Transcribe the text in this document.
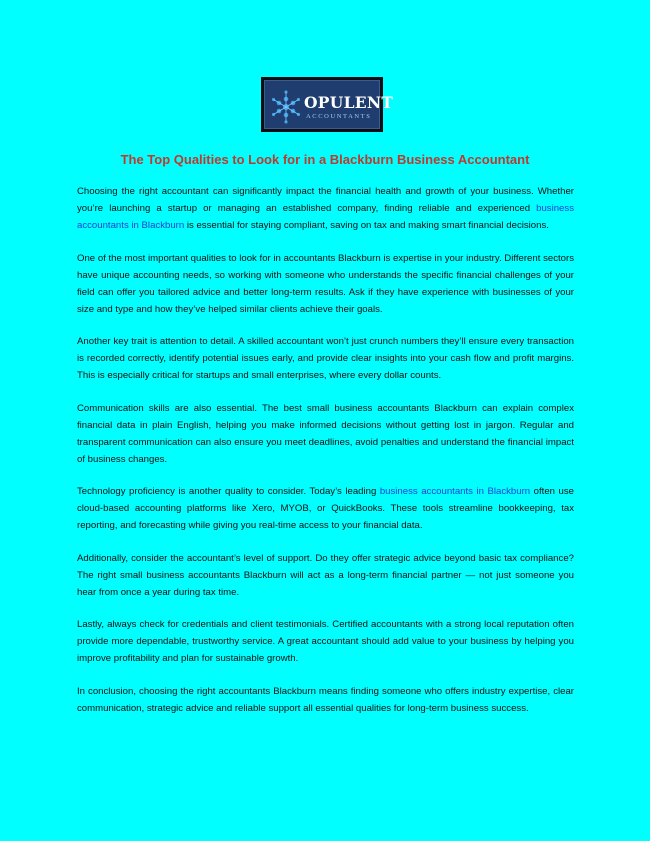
OPULENT
ACCOUNTANTS
The Top Qualities to Look for in a Blackburn Business Accountant

Choosing the right accountant can significantly impact the financial health and growth of your business. Whether you’re launching a startup or managing an established company, finding reliable and experienced business accountants in Blackburn is essential for staying compliant, saving on tax and making smart financial decisions.

One of the most important qualities to look for in accountants Blackburn is expertise in your industry. Different sectors have unique accounting needs, so working with someone who understands the specific financial challenges of your field can offer you tailored advice and better long-term results. Ask if they have experience with businesses of your size and type and how they’ve helped similar clients achieve their goals.

Another key trait is attention to detail. A skilled accountant won’t just crunch numbers they’ll ensure every transaction is recorded correctly, identify potential issues early, and provide clear insights into your cash flow and profit margins. This is especially critical for startups and small enterprises, where every dollar counts.

Communication skills are also essential. The best small business accountants Blackburn can explain complex financial data in plain English, helping you make informed decisions without getting lost in jargon. Regular and transparent communication can also ensure you meet deadlines, avoid penalties and understand the financial impact of business changes.

Technology proficiency is another quality to consider. Today’s leading business accountants in Blackburn often use cloud-based accounting platforms like Xero, MYOB, or QuickBooks. These tools streamline bookkeeping, tax reporting, and forecasting while giving you real-time access to your financial data.

Additionally, consider the accountant’s level of support. Do they offer strategic advice beyond basic tax compliance? The right small business accountants Blackburn will act as a long-term financial partner — not just someone you hear from once a year during tax time.

Lastly, always check for credentials and client testimonials. Certified accountants with a strong local reputation often provide more dependable, trustworthy service. A great accountant should add value to your business by helping you improve profitability and plan for sustainable growth.

In conclusion, choosing the right accountants Blackburn means finding someone who offers industry expertise, clear communication, strategic advice and reliable support all essential qualities for long-term business success.
